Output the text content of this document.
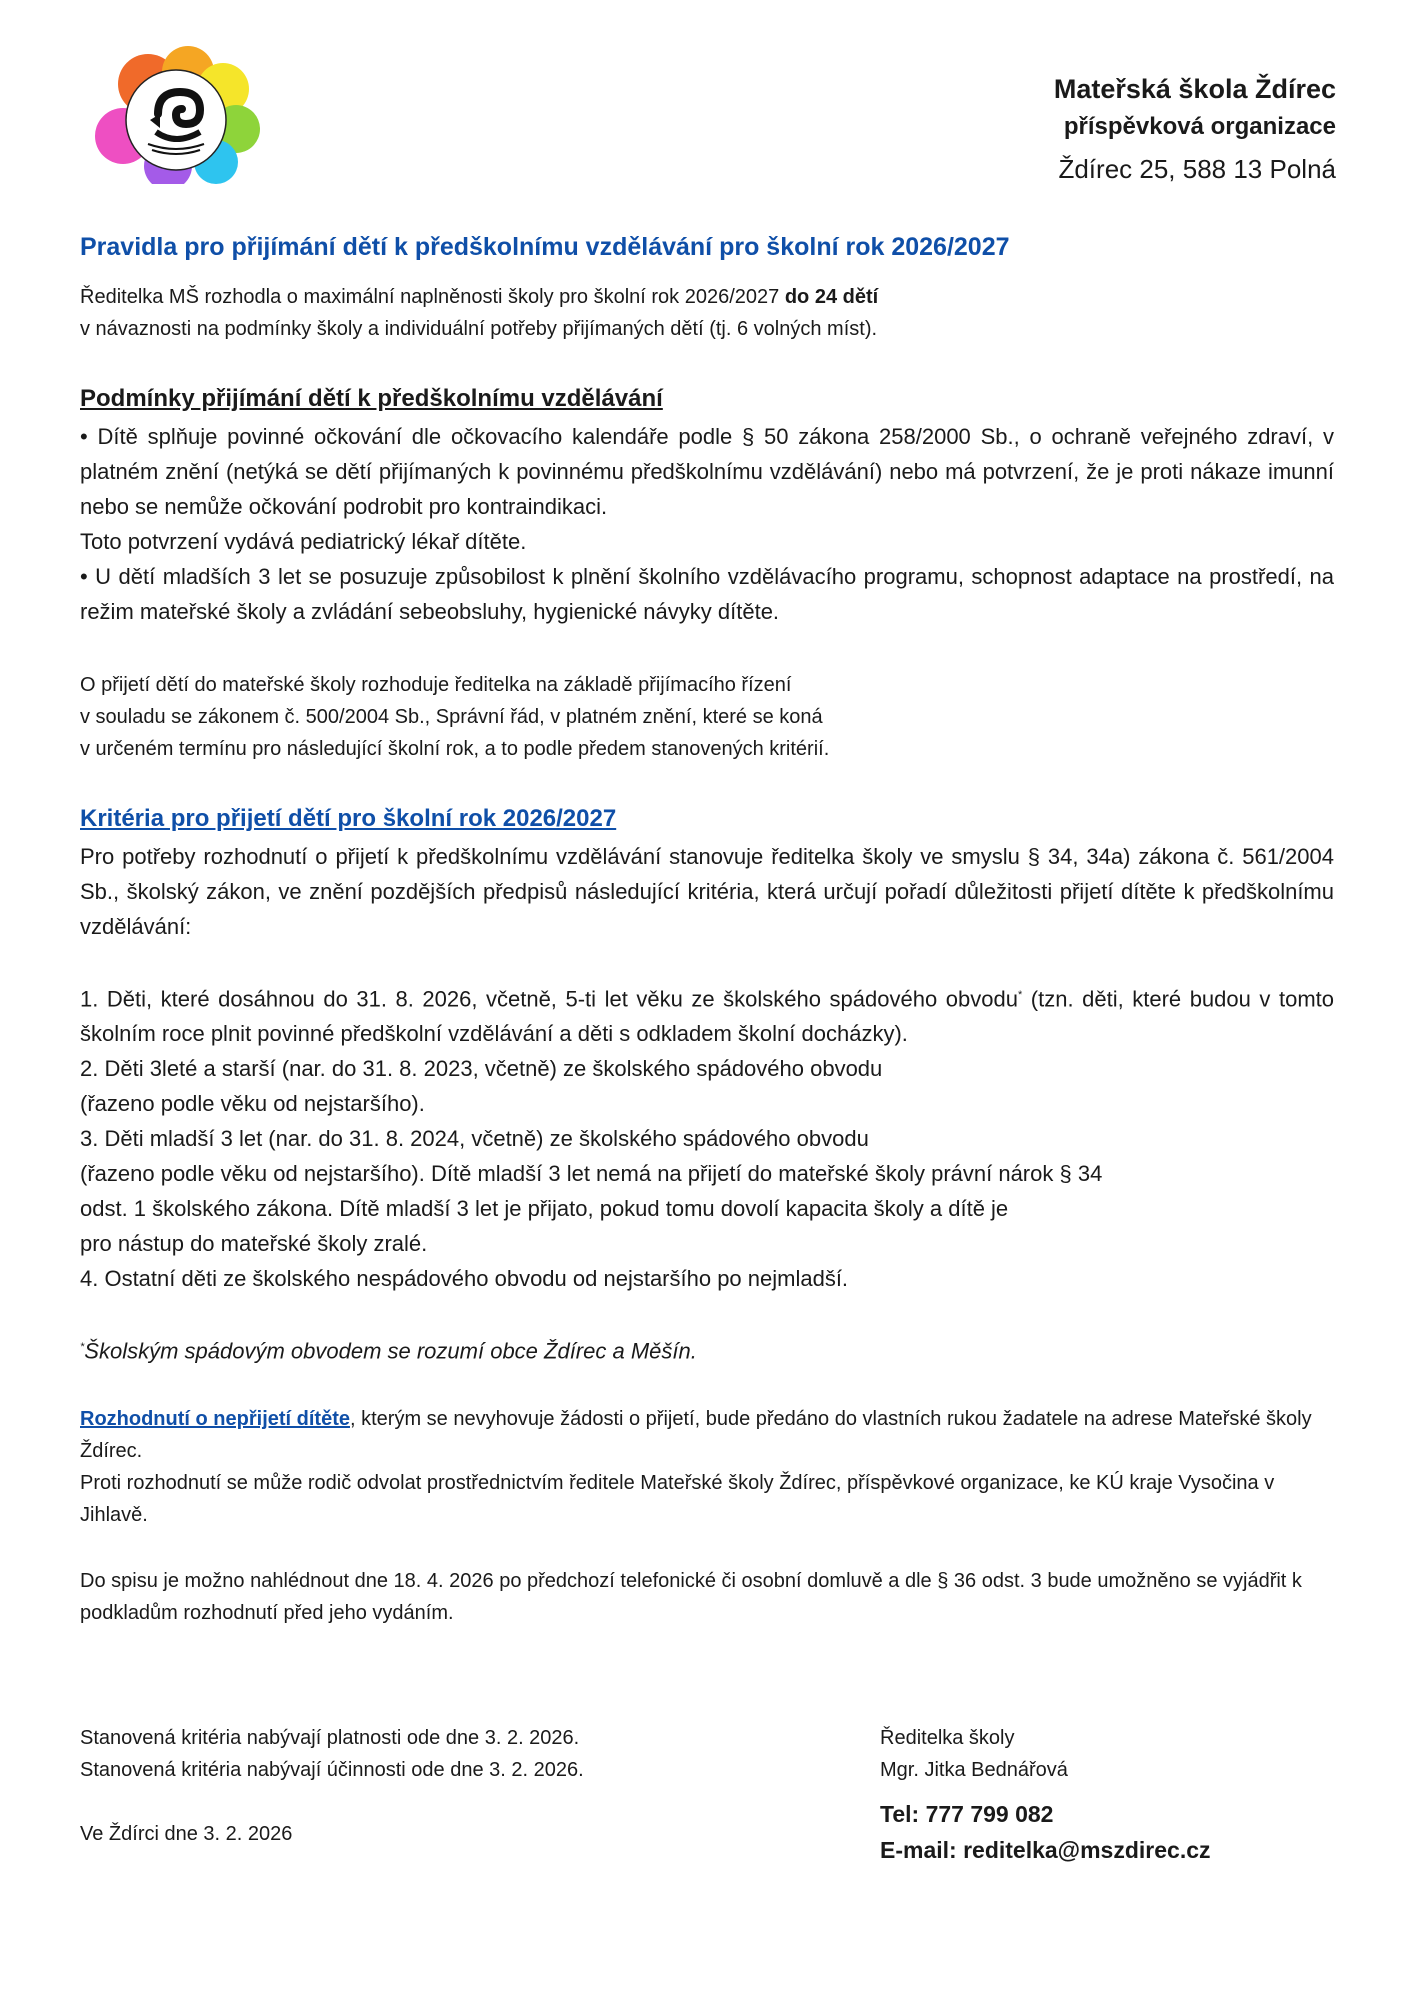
Mateřská škola Ždírec
příspěvková organizace
Ždírec 25, 588 13 Polná
Pravidla pro přijímání dětí k předškolnímu vzdělávání pro školní rok 2026/2027

Ředitelka MŠ rozhodla o maximální naplněnosti školy pro školní rok 2026/2027 do 24 dětí

v návaznosti na podmínky školy a individuální potřeby přijímaných dětí (tj. 6 volných míst).

Podmínky přijímání dětí k předškolnímu vzdělávání

• Dítě splňuje povinné očkování dle očkovacího kalendáře podle § 50 zákona 258/2000 Sb., o ochraně veřejného zdraví, v platném znění (netýká se dětí přijímaných k povinnému předškolnímu vzdělávání) nebo má potvrzení, že je proti nákaze imunní nebo se nemůže očkování podrobit pro kontraindikaci.

Toto potvrzení vydává pediatrický lékař dítěte.

• U dětí mladších 3 let se posuzuje způsobilost k plnění školního vzdělávacího programu, schopnost adaptace na prostředí, na režim mateřské školy a zvládání sebeobsluhy, hygienické návyky dítěte.

O přijetí dětí do mateřské školy rozhoduje ředitelka na základě přijímacího řízení

v souladu se zákonem č. 500/2004 Sb., Správní řád, v platném znění, které se koná

v určeném termínu pro následující školní rok, a to podle předem stanovených kritérií.

Kritéria pro přijetí dětí pro školní rok 2026/2027

Pro potřeby rozhodnutí o přijetí k předškolnímu vzdělávání stanovuje ředitelka školy ve smyslu § 34, 34a) zákona č. 561/2004 Sb., školský zákon, ve znění pozdějších předpisů následující kritéria, která určují pořadí důležitosti přijetí dítěte k předškolnímu vzdělávání:

1. Děti, které dosáhnou do 31. 8. 2026, včetně, 5-ti let věku ze školského spádového obvodu* (tzn. děti, které budou v tomto školním roce plnit povinné předškolní vzdělávání a děti s odkladem školní docházky).

2. Děti 3leté a starší (nar. do 31. 8. 2023, včetně) ze školského spádového obvodu

(řazeno podle věku od nejstaršího).

3. Děti mladší 3 let (nar. do 31. 8. 2024, včetně) ze školského spádového obvodu

(řazeno podle věku od nejstaršího). Dítě mladší 3 let nemá na přijetí do mateřské školy právní nárok § 34

odst. 1 školského zákona. Dítě mladší 3 let je přijato, pokud tomu dovolí kapacita školy a dítě je

pro nástup do mateřské školy zralé.

4. Ostatní děti ze školského nespádového obvodu od nejstaršího po nejmladší.

*Školským spádovým obvodem se rozumí obce Ždírec a Měšín.

Rozhodnutí o nepřijetí dítěte, kterým se nevyhovuje žádosti o přijetí, bude předáno do vlastních rukou žadatele na adrese Mateřské školy Ždírec.

Proti rozhodnutí se může rodič odvolat prostřednictvím ředitele Mateřské školy Ždírec, příspěvkové organizace, ke KÚ kraje Vysočina v Jihlavě.

Do spisu je možno nahlédnout dne 18. 4. 2026 po předchozí telefonické či osobní domluvě a dle § 36 odst. 3 bude umožněno se vyjádřit k podkladům rozhodnutí před jeho vydáním.

Stanovená kritéria nabývají platnosti ode dne 3. 2. 2026.
Stanovená kritéria nabývají účinnosti ode dne 3. 2. 2026.
Ve Ždírci dne 3. 2. 2026
Ředitelka školy
Mgr. Jitka Bednářová
Tel: 777 799 082
E-mail: reditelka@mszdirec.cz
